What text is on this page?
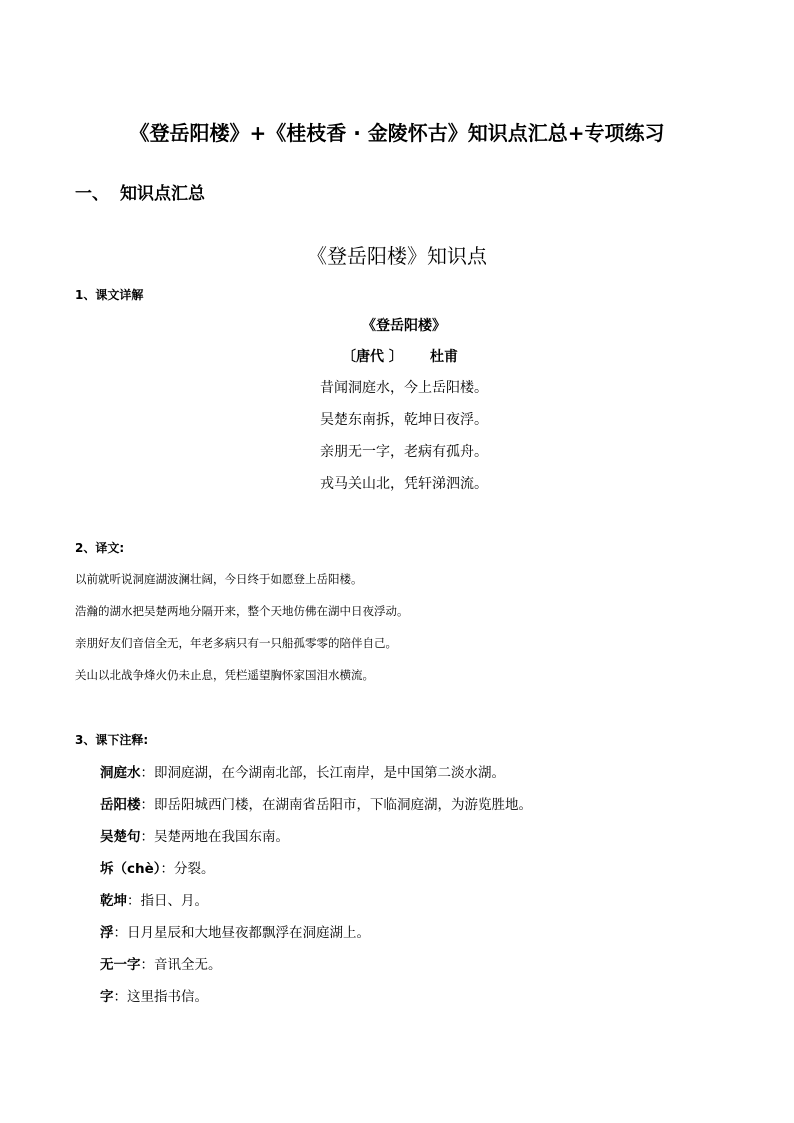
《登岳阳楼》+《桂枝香 · 金陵怀古》知识点汇总+专项练习
一、 知识点汇总
《登岳阳楼》知识点
1、课文详解
《登岳阳楼》
〔唐代 〕 杜甫
昔闻洞庭水，今上岳阳楼。
吴楚东南拆，乾坤日夜浮。
亲朋无一字，老病有孤舟。
戎马关山北，凭轩涕泗流。
2、译文:
以前就听说洞庭湖波澜壮阔，今日终于如愿登上岳阳楼。
浩瀚的湖水把吴楚两地分隔开来，整个天地仿佛在湖中日夜浮动。
亲朋好友们音信全无，年老多病只有一只船孤零零的陪伴自己。
关山以北战争烽火仍未止息，凭栏遥望胸怀家国泪水横流。
3、课下注释:
洞庭水：即洞庭湖，在今湖南北部，长江南岸，是中国第二淡水湖。
岳阳楼：即岳阳城西门楼，在湖南省岳阳市，下临洞庭湖，为游览胜地。
吴楚句：吴楚两地在我国东南。
坼（chè）：分裂。
乾坤：指日、月。
浮：日月星辰和大地昼夜都飘浮在洞庭湖上。
无一字：音讯全无。
字：这里指书信。
